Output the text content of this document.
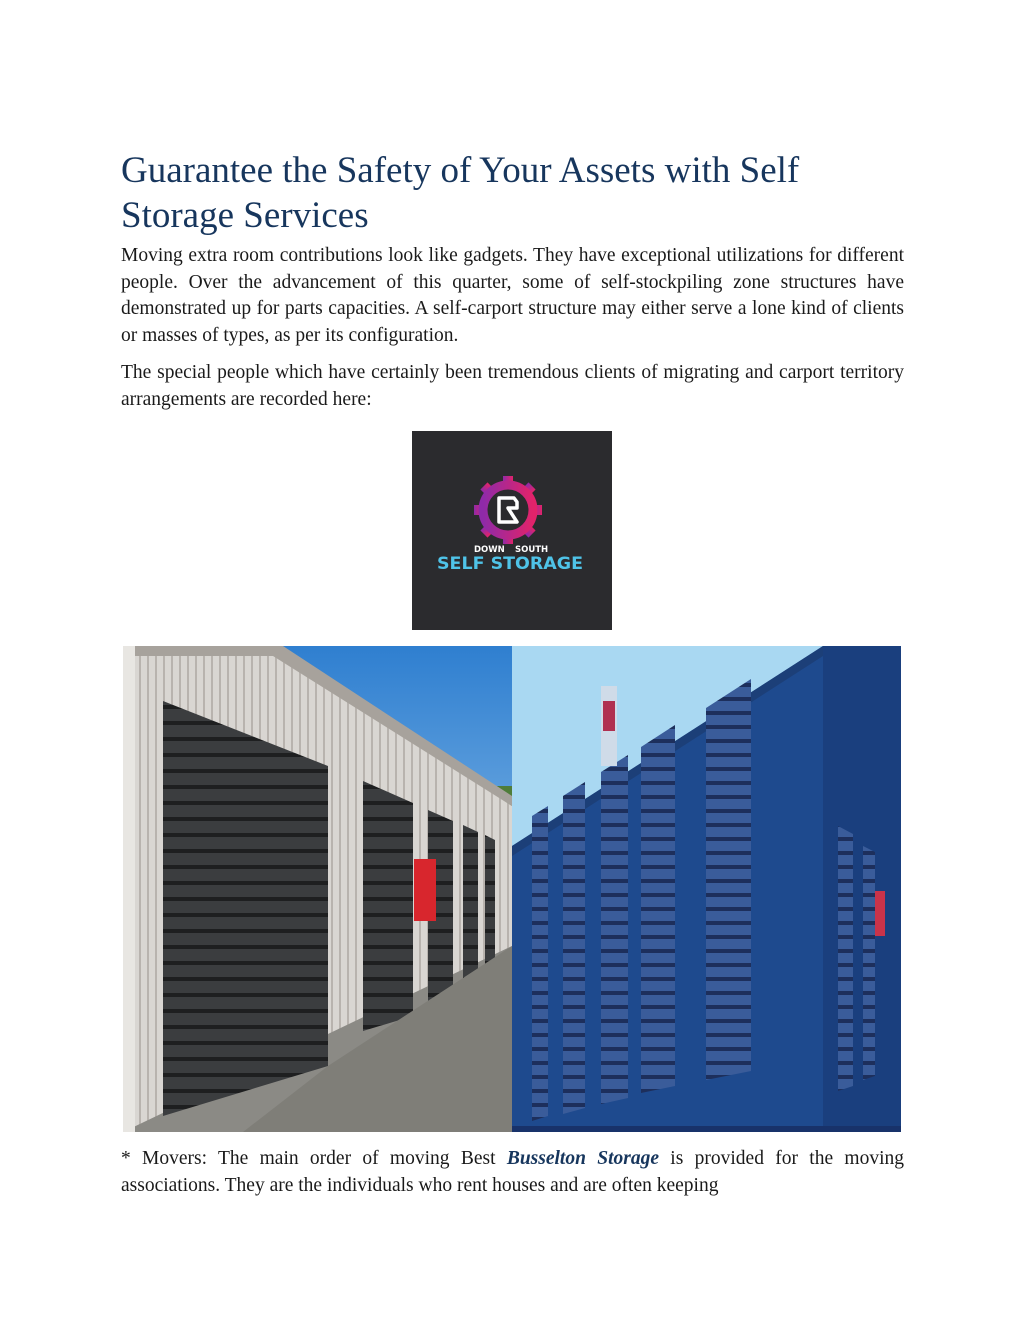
Guarantee the Safety of Your Assets with Self Storage Services

Moving extra room contributions look like gadgets. They have exceptional utilizations for different people. Over the advancement of this quarter, some of self-stockpiling zone structures have demonstrated up for parts capacities. A self-carport structure may either serve a lone kind of clients or masses of types, as per its configuration.

The special people which have certainly been tremendous clients of migrating and carport territory arrangements are recorded here:

DOWN SOUTH
SELF STORAGE

* Movers: The main order of moving Best Busselton Storage is provided for the moving associations. They are the individuals who rent houses and are often keeping
